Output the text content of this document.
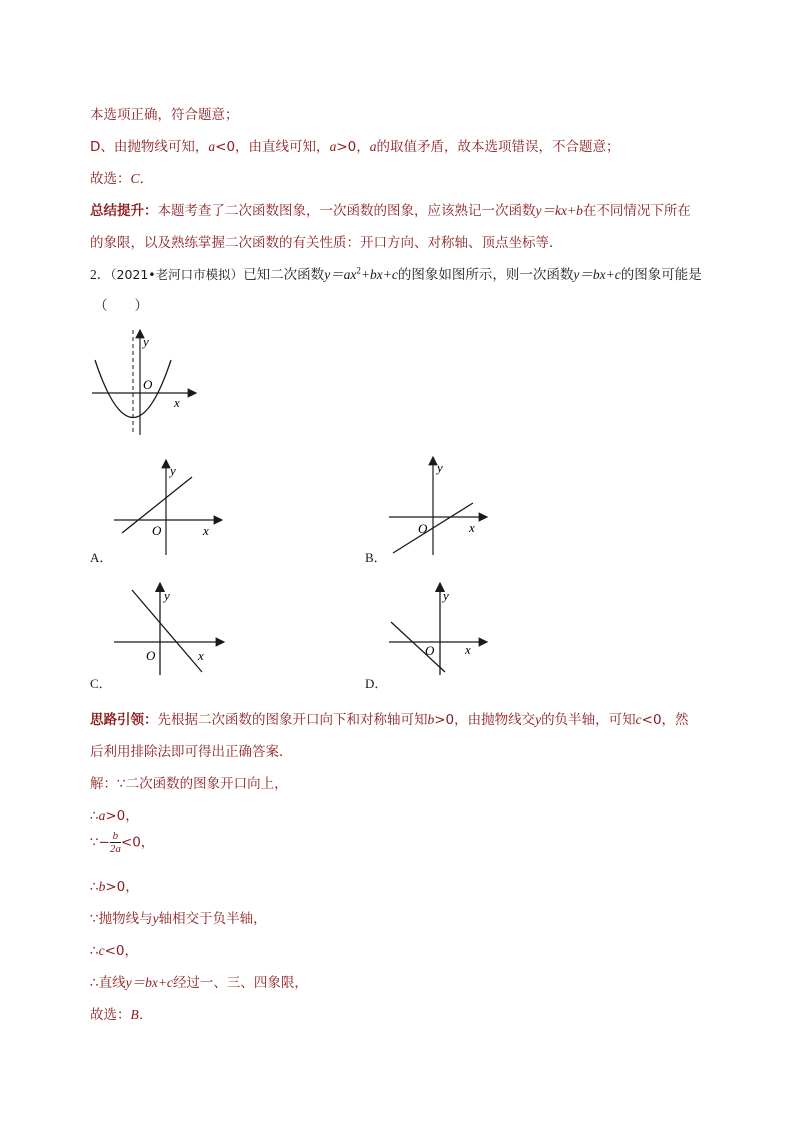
本选项正确，符合题意；
D、由抛物线可知，a<0，由直线可知，a>0，a的取值矛盾，故本选项错误，不合题意；
故选：C．
总结提升：本题考查了二次函数图象，一次函数的图象，应该熟记一次函数y＝kx+b在不同情况下所在
的象限，以及熟练掌握二次函数的有关性质：开口方向、对称轴、顶点坐标等．
2．（2021•老河口市模拟）已知二次函数$y=ax^2+bx+c$的图象如图所示，则一次函数y＝bx+c的图象可能是
（　　）
y
O
x
y
O	x
A．
y
O	x
B．
y
O	x
C．
y
O x
D．
思路引领：先根据二次函数的图象开口向下和对称轴可知b>0，由抛物线交y的负半轴，可知c<0，然
后利用排除法即可得出正确答案．
解：∵二次函数的图象开口向上，
∴a>0，
∵− $\frac{b}{2a} <0$，
∴b>0，
∵抛物线与y轴相交于负半轴，
∴c<0，
∴直线y＝bx+c经过一、三、四象限，
故选：B．
